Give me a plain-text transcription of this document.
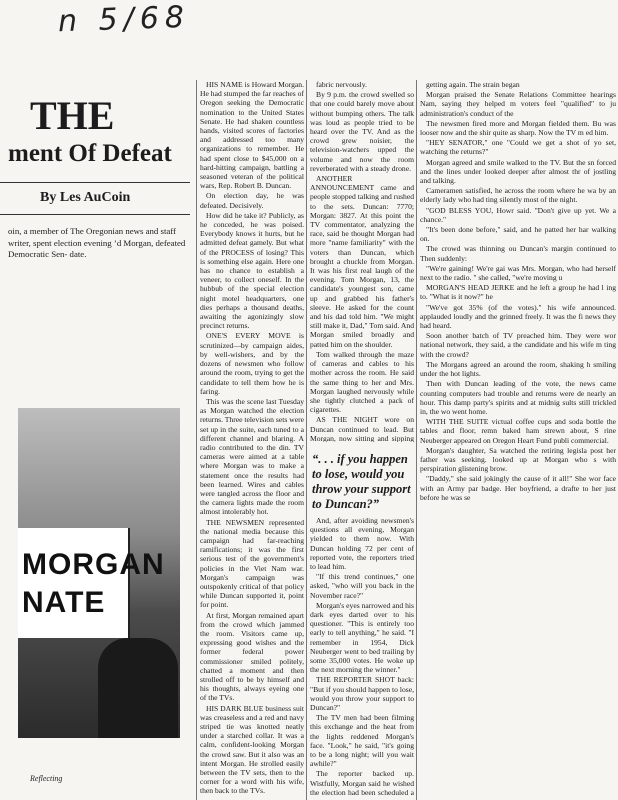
n 5/68
THE
ment Of Defeat
By Les AuCoin
oin, a member of The Oregonian news and staff writer, spent election evening ’d Morgan, defeated Democratic Sen- date.
MORGAN
NATE
Reflecting

HIS NAME is Howard Morgan. He had stumped the far reaches of Oregon seeking the Democratic nomination to the United States Senate. He had shaken countless hands, visited scores of factories and addressed too many organizations to remember. He had spent close to $45,000 on a hard-hitting campaign, battling a seasoned veteran of the political wars, Rep. Robert B. Duncan.

On election day, he was defeated. Decisively.

How did he take it? Publicly, as he conceded, he was poised. Everybody knows it hurts, but he admitted defeat gamely. But what of the PROCESS of losing? This is something else again. Here one has no chance to establish a veneer, to collect oneself. In the hubbub of the special election night motel headquarters, one dies perhaps a thousand deaths, awaiting the agonizingly slow precinct returns.

ONE'S EVERY MOVE is scrutinized—by campaign aides, by well-wishers, and by the dozens of newsmen who follow around the room, trying to get the candidate to tell them how he is faring.

This was the scene last Tuesday as Morgan watched the election returns. Three television sets were set up in the suite, each tuned to a different channel and blaring. A radio contributed to the din. TV cameras were aimed at a table where Morgan was to make a statement once the results had been learned. Wires and cables were tangled across the floor and the camera lights made the room almost intolerably hot.

THE NEWSMEN represented the national media because this campaign had far-reaching ramifications; it was the first serious test of the government's policies in the Viet Nam war. Morgan's campaign was outspokenly critical of that policy while Duncan supported it, point for point.

At first, Morgan remained apart from the crowd which jammed the room. Visitors came up, expressing good wishes and the former federal power commissioner smiled politely, chatted a moment and then strolled off to be by himself and his thoughts, always eyeing one of the TVs.

HIS DARK BLUE business suit was creaseless and a red and navy striped tie was knotted neatly under a starched collar. It was a calm, confident-looking Morgan the crowd saw. But it also was an intent Morgan. He strolled easily between the TV sets, then to the corner for a word with his wife, then back to the TVs.

fabric nervously.

By 9 p.m. the crowd swelled so that one could barely move about without bumping others. The talk was loud as people tried to be heard over the TV. And as the crowd grew noisier, the television-watchers upped the volume and now the room reverberated with a steady drone.

ANOTHER ANNOUNCEMENT came and people stopped talking and rushed to the sets. Duncan: 7770; Morgan: 3827. At this point the TV commentator, analyzing the race, said he thought Morgan had more "name familiarity" with the voters than Duncan, which brought a chuckle from Morgan. It was his first real laugh of the evening. Tom Morgan, 13, the candidate's youngest son, came up and grabbed his father's sleeve. He asked for the count and his dad told him. "We might still make it, Dad," Tom said. And Morgan smiled broadly and patted him on the shoulder.

Tom walked through the maze of cameras and cables to his mother across the room. He said the same thing to her and Mrs. Morgan laughed nervously while she tightly clutched a pack of cigarettes.

AS THE NIGHT wore on Duncan continued to lead. But Morgan, now sitting and sipping

“. . . if you happen to lose, would you throw your support to Duncan?”

And, after avoiding newsmen's questions all evening, Morgan yielded to them now. With Duncan holding 72 per cent of reported vote, the reporters tried to lead him.

"If this trend continues," one asked, "who will you back in the November race?"

Morgan's eyes narrowed and his dark eyes darted over to his questioner. "This is entirely too early to tell anything," he said. "I remember in 1954, Dick Neuberger went to bed trailing by some 35,000 votes. He woke up the next morning the winner."

THE REPORTER SHOT back: "But if you should happen to lose, would you throw your support to Duncan?"

The TV men had been filming this exchange and the heat from the lights reddened Morgan's face. "Look," he said, "it's going to be a long night; will you wait awhile?"

The reporter backed up. Wistfully, Morgan said he wished the election had been scheduled a

getting again. The strain began

Morgan praised the Senate Relations Committee hearings Nam, saying they helped m voters feel "qualified" to ju administration's conduct of the

The newsmen fired more and Morgan fielded them. Bu was looser now and the shir quite as sharp. Now the TV m ed him.

"HEY SENATOR," one "Could we get a shot of yo set, watching the returns?"

Morgan agreed and smile walked to the TV. But the sn forced and the lines under looked deeper after almost thr of jostling and talking.

Cameramen satisfied, he across the room where he wa by an elderly lady who had ting silently most of the night.

"GOD BLESS YOU, Howr said. "Don't give up yet. We a chance."

"It's been done before," said, and he patted her har walking on.

The crowd was thinning ou Duncan's margin continued to Then suddenly:

"We're gaining! We're gai was Mrs. Morgan, who had herself next to the radio. " she called, "we're moving u

MORGAN'S HEAD JERKE and he left a group he had l ing to. "What is it now?" he

"We've got 35% (of the votes)." his wife announced. applauded loudly and the grinned freely. It was the fi news they had heard.

Soon another batch of TV preached him. They were wor national network, they said, a the candidate and his wife m ting with the crowd?

The Morgans agreed an around the room, shaking h smiling under the hot lights.

Then with Duncan leading of the vote, the news came counting computers had trouble and returns were de nearly an hour. This damp party's spirits and at midnig sults still trickled in, the wo went home.

WITH THE SUITE victual coffee cups and soda bottle the tables and floor, remn baked ham strewn about, S rine Neuberger appeared on Oregon Heart Fund publi commercial.

Morgan's daughter, Sa watched the retiring legisla post her father was seeking. looked up at Morgan who s with perspiration glistening brow.

"Daddy," she said jokingly the cause of it all!" She wor face with an Army par badge. Her boyfriend, a drafte to her just before he was se
